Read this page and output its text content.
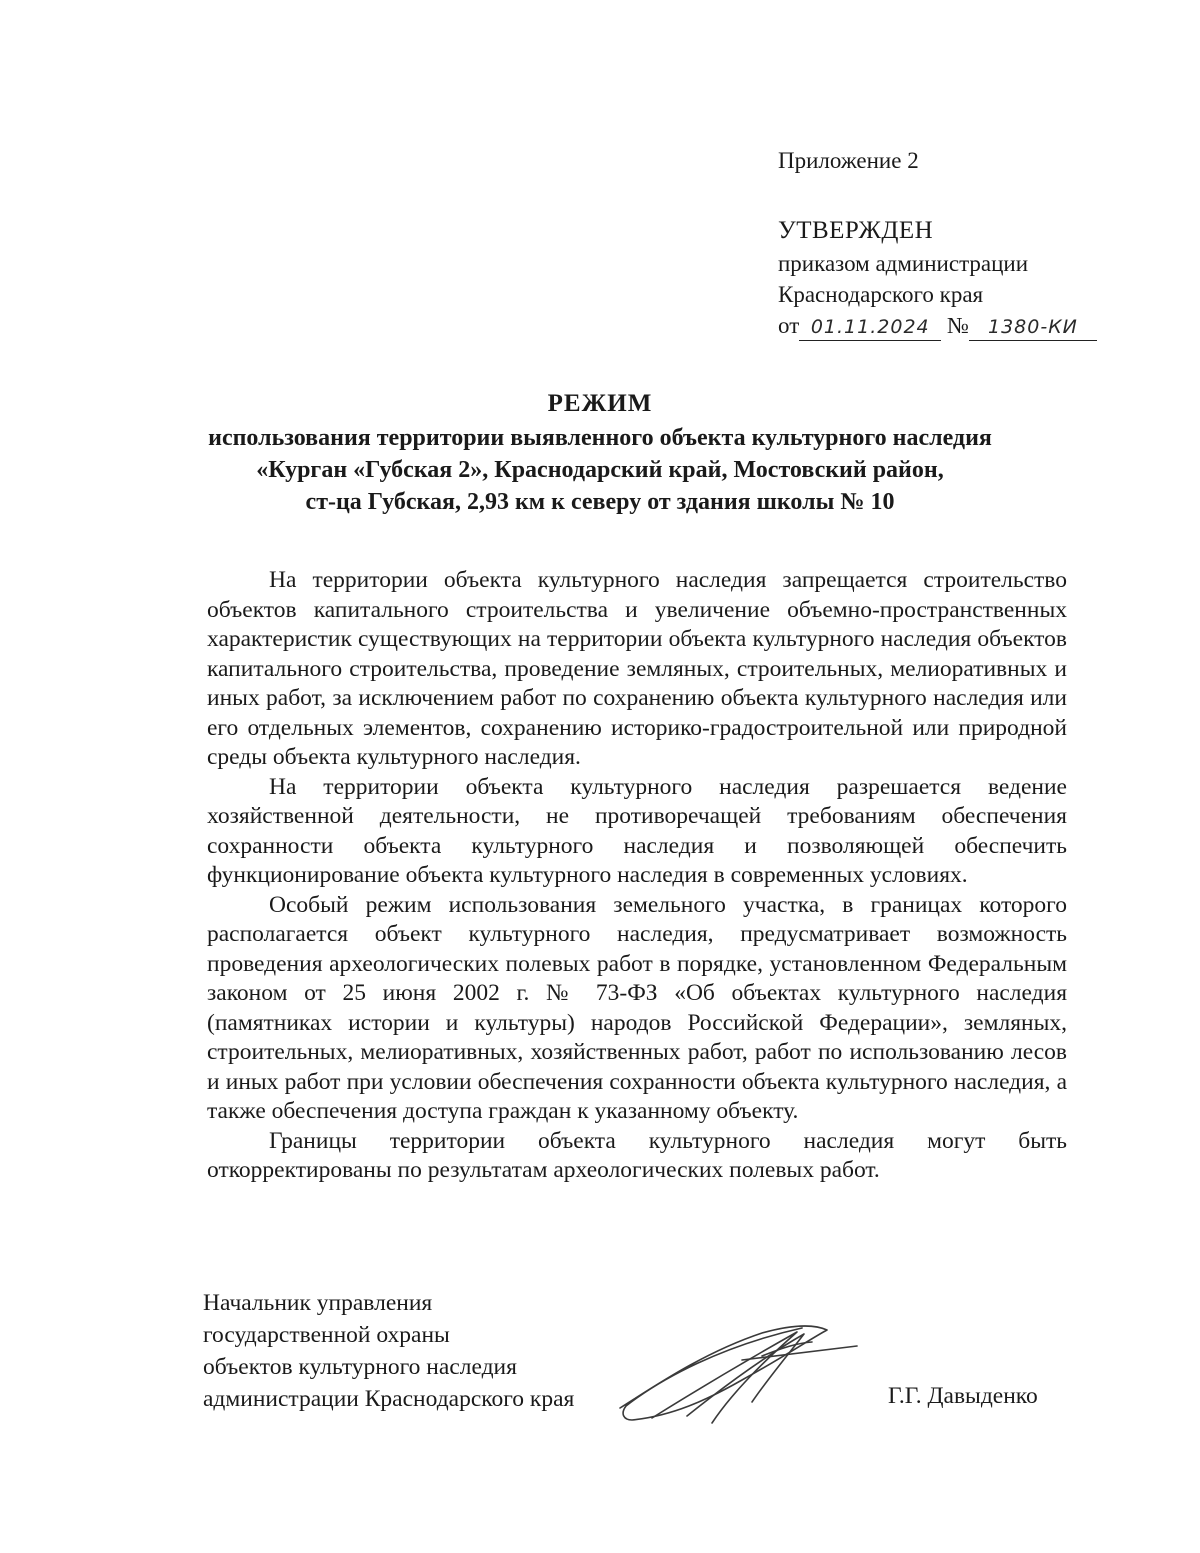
Приложение 2
УТВЕРЖДЕН
приказом администрации
Краснодарского края
от 01.11.2024 № 1380-КИ
РЕЖИМ
использования территории выявленного объекта культурного наследия
«Курган «Губская 2», Краснодарский край, Мостовский район,
ст-ца Губская, 2,93 км к северу от здания школы № 10

На территории объекта культурного наследия запрещается строительство объектов капитального строительства и увеличение объемно-пространственных характеристик существующих на территории объекта культурного наследия объектов капитального строительства, проведение земляных, строительных, мелиоративных и иных работ, за исключением работ по сохранению объекта культурного наследия или его отдельных элементов, сохранению историко-градостроительной или природной среды объекта культурного наследия.

На территории объекта культурного наследия разрешается ведение хозяйственной деятельности, не противоречащей требованиям обеспечения сохранности объекта культурного наследия и позволяющей обеспечить функционирование объекта культурного наследия в современных условиях.

Особый режим использования земельного участка, в границах которого располагается объект культурного наследия, предусматривает возможность проведения археологических полевых работ в порядке, установленном Федеральным законом от 25 июня 2002 г. № 73-ФЗ «Об объектах культурного наследия (памятниках истории и культуры) народов Российской Федерации», земляных, строительных, мелиоративных, хозяйственных работ, работ по использованию лесов и иных работ при условии обеспечения сохранности объекта культурного наследия, а также обеспечения доступа граждан к указанному объекту.

Границы территории объекта культурного наследия могут быть откорректированы по результатам археологических полевых работ.

Начальник управления
государственной охраны
объектов культурного наследия
администрации Краснодарского края	Г.Г. Давыденко
